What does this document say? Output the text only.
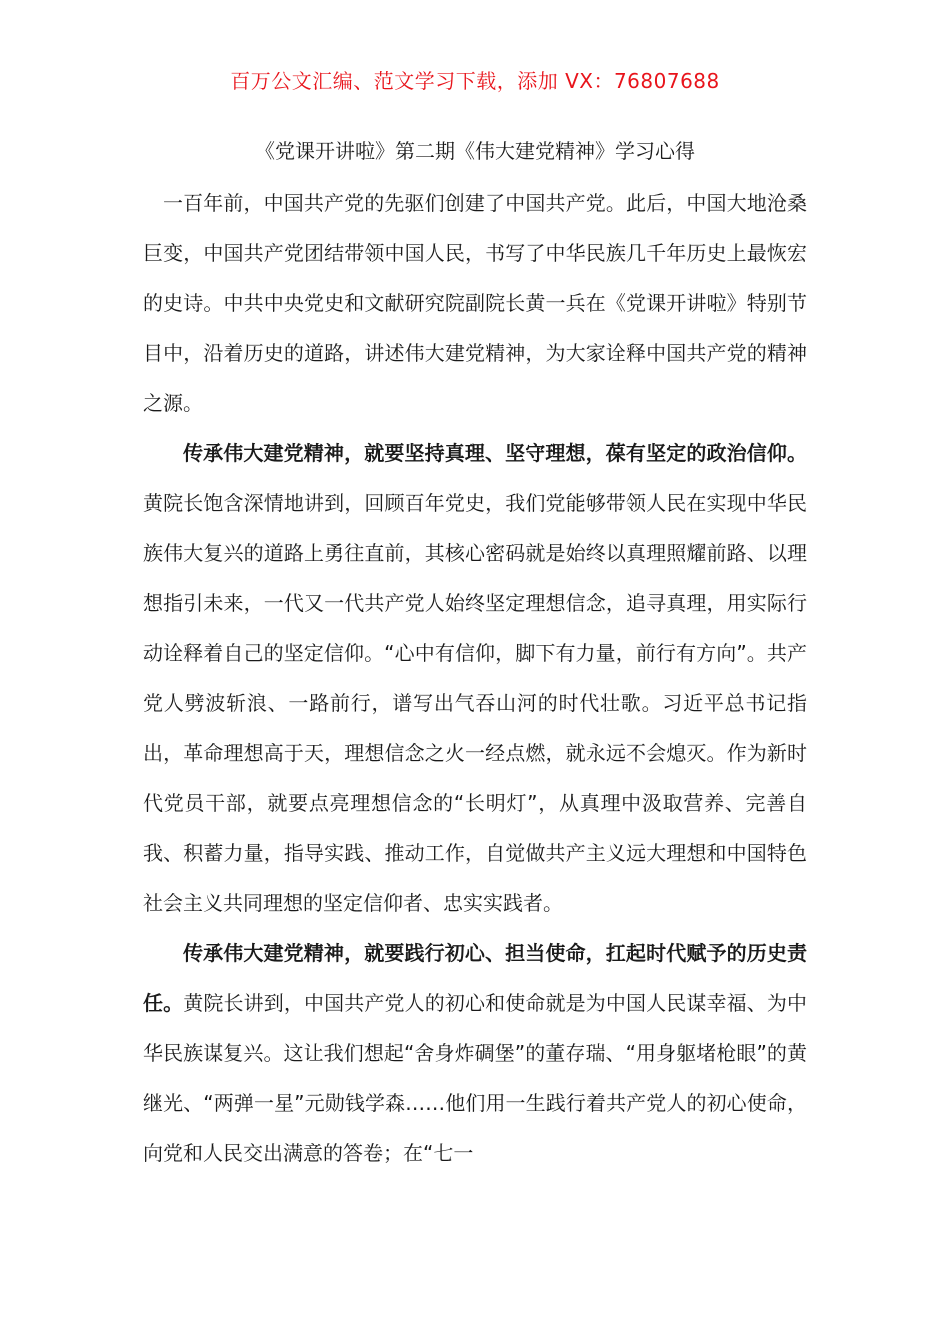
百万公文汇编、范文学习下载，添加 VX：76807688
《党课开讲啦》第二期《伟大建党精神》学习心得

一百年前，中国共产党的先驱们创建了中国共产党。此后，中国大地沧桑巨变，中国共产党团结带领中国人民，书写了中华民族几千年历史上最恢宏的史诗。中共中央党史和文献研究院副院长黄一兵在《党课开讲啦》特别节目中，沿着历史的道路，讲述伟大建党精神，为大家诠释中国共产党的精神之源。

传承伟大建党精神，就要坚持真理、坚守理想，葆有坚定的政治信仰。黄院长饱含深情地讲到，回顾百年党史，我们党能够带领人民在实现中华民族伟大复兴的道路上勇往直前，其核心密码就是始终以真理照耀前路、以理想指引未来，一代又一代共产党人始终坚定理想信念，追寻真理，用实际行动诠释着自己的坚定信仰。“心中有信仰，脚下有力量，前行有方向”。共产党人劈波斩浪、一路前行，谱写出气吞山河的时代壮歌。习近平总书记指出，革命理想高于天，理想信念之火一经点燃，就永远不会熄灭。作为新时代党员干部，就要点亮理想信念的“长明灯”，从真理中汲取营养、完善自我、积蓄力量，指导实践、推动工作，自觉做共产主义远大理想和中国特色社会主义共同理想的坚定信仰者、忠实实践者。

传承伟大建党精神，就要践行初心、担当使命，扛起时代赋予的历史责任。黄院长讲到，中国共产党人的初心和使命就是为中国人民谋幸福、为中华民族谋复兴。这让我们想起“舍身炸碉堡”的董存瑞、“用身躯堵枪眼”的黄继光、“两弹一星”元勋钱学森……他们用一生践行着共产党人的初心使命，向党和人民交出满意的答卷；在“七一
